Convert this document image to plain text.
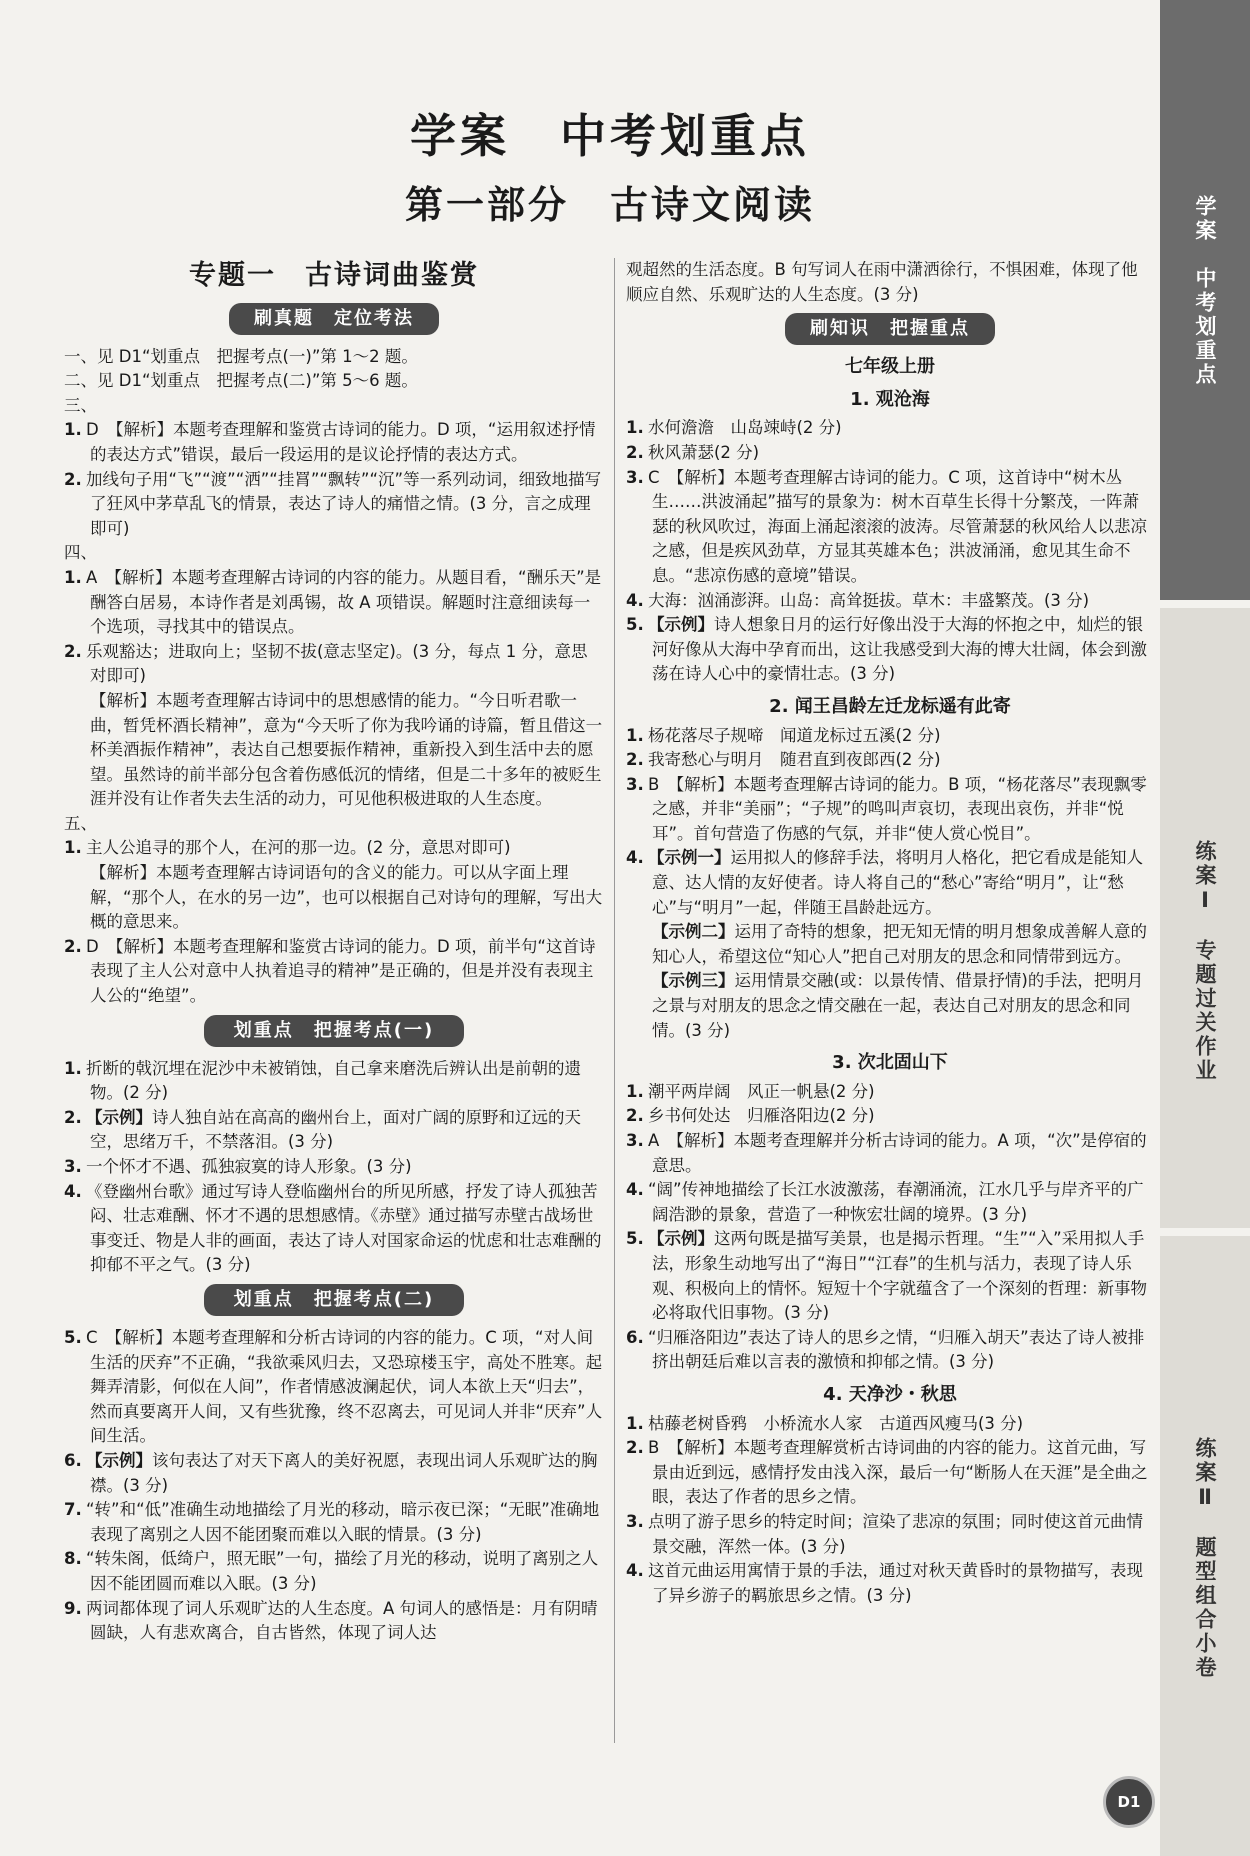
学案　中考划重点
第一部分　古诗文阅读
专题一　古诗词曲鉴赏
刷真题　定位考法

一、见 D1“划重点　把握考点(一)”第 1～2 题。

二、见 D1“划重点　把握考点(二)”第 5～6 题。

三、

1. D　 【解析】本题考查理解和鉴赏古诗词的能力。D 项，“运用叙述抒情的表达方式”错误，最后一段运用的是议论抒情的表达方式。

2. 加线句子用“飞”“渡”“洒”“挂罥”“飘转”“沉”等一系列动词，细致地描写了狂风中茅草乱飞的情景，表达了诗人的痛惜之情。(3 分，言之成理即可)

四、

1. A　 【解析】本题考查理解古诗词的内容的能力。从题目看，“酬乐天”是酬答白居易，本诗作者是刘禹锡，故 A 项错误。解题时注意细读每一个选项，寻找其中的错误点。

2. 乐观豁达；进取向上；坚韧不拔(意志坚定)。(3 分，每点 1 分，意思对即可)

【解析】本题考查理解古诗词中的思想感情的能力。“今日听君歌一曲，暂凭杯酒长精神”，意为“今天听了你为我吟诵的诗篇，暂且借这一杯美酒振作精神”，表达自己想要振作精神，重新投入到生活中去的愿望。虽然诗的前半部分包含着伤感低沉的情绪，但是二十多年的被贬生涯并没有让作者失去生活的动力，可见他积极进取的人生态度。

五、

1. 主人公追寻的那个人，在河的那一边。(2 分，意思对即可)

【解析】本题考查理解古诗词语句的含义的能力。可以从字面上理解，“那个人，在水的另一边”，也可以根据自己对诗句的理解，写出大概的意思来。

2. D　 【解析】本题考查理解和鉴赏古诗词的能力。D 项，前半句“这首诗表现了主人公对意中人执着追寻的精神”是正确的，但是并没有表现主人公的“绝望”。

划重点　把握考点(一)

1. 折断的戟沉埋在泥沙中未被销蚀，自己拿来磨洗后辨认出是前朝的遗物。(2 分)

2. 【示例】诗人独自站在高高的幽州台上，面对广阔的原野和辽远的天空，思绪万千，不禁落泪。(3 分)

3. 一个怀才不遇、孤独寂寞的诗人形象。(3 分)

4. 《登幽州台歌》通过写诗人登临幽州台的所见所感，抒发了诗人孤独苦闷、壮志难酬、怀才不遇的思想感情。《赤壁》通过描写赤壁古战场世事变迁、物是人非的画面，表达了诗人对国家命运的忧虑和壮志难酬的抑郁不平之气。(3 分)

划重点　把握考点(二)

5. C　 【解析】本题考查理解和分析古诗词的内容的能力。C 项，“对人间生活的厌弃”不正确，“我欲乘风归去，又恐琼楼玉宇，高处不胜寒。起舞弄清影，何似在人间”，作者情感波澜起伏，词人本欲上天“归去”，然而真要离开人间，又有些犹豫，终不忍离去，可见词人并非“厌弃”人间生活。

6. 【示例】该句表达了对天下离人的美好祝愿，表现出词人乐观旷达的胸襟。(3 分)

7. “转”和“低”准确生动地描绘了月光的移动，暗示夜已深；“无眠”准确地表现了离别之人因不能团聚而难以入眠的情景。(3 分)

8. “转朱阁，低绮户，照无眠”一句，描绘了月光的移动，说明了离别之人因不能团圆而难以入眠。(3 分)

9. 两词都体现了词人乐观旷达的人生态度。A 句词人的感悟是：月有阴晴圆缺，人有悲欢离合，自古皆然，体现了词人达

观超然的生活态度。B 句写词人在雨中潇洒徐行，不惧困难，体现了他顺应自然、乐观旷达的人生态度。(3 分)

刷知识　把握重点
七年级上册
1. 观沧海

1. 水何澹澹　山岛竦峙(2 分)

2. 秋风萧瑟(2 分)

3. C　 【解析】本题考查理解古诗词的能力。C 项，这首诗中“树木丛生……洪波涌起”描写的景象为：树木百草生长得十分繁茂，一阵萧瑟的秋风吹过，海面上涌起滚滚的波涛。尽管萧瑟的秋风给人以悲凉之感，但是疾风劲草，方显其英雄本色；洪波涌涌，愈见其生命不息。“悲凉伤感的意境”错误。

4. 大海：汹涌澎湃。山岛：高耸挺拔。草木：丰盛繁茂。(3 分)

5. 【示例】诗人想象日月的运行好像出没于大海的怀抱之中，灿烂的银河好像从大海中孕育而出，这让我感受到大海的博大壮阔，体会到激荡在诗人心中的豪情壮志。(3 分)

2. 闻王昌龄左迁龙标遥有此寄

1. 杨花落尽子规啼　闻道龙标过五溪(2 分)

2. 我寄愁心与明月　随君直到夜郎西(2 分)

3. B　 【解析】本题考查理解古诗词的能力。B 项，“杨花落尽”表现飘零之感，并非“美丽”；“子规”的鸣叫声哀切，表现出哀伤，并非“悦耳”。首句营造了伤感的气氛，并非“使人赏心悦目”。

4. 【示例一】运用拟人的修辞手法，将明月人格化，把它看成是能知人意、达人情的友好使者。诗人将自己的“愁心”寄给“明月”，让“愁心”与“明月”一起，伴随王昌龄赴远方。

【示例二】运用了奇特的想象，把无知无情的明月想象成善解人意的知心人，希望这位“知心人”把自己对朋友的思念和同情带到远方。

【示例三】运用情景交融(或：以景传情、借景抒情)的手法，把明月之景与对朋友的思念之情交融在一起，表达自己对朋友的思念和同情。(3 分)

3. 次北固山下

1. 潮平两岸阔　风正一帆悬(2 分)

2. 乡书何处达　归雁洛阳边(2 分)

3. A　 【解析】本题考查理解并分析古诗词的能力。A 项，“次”是停宿的意思。

4. “阔”传神地描绘了长江水波激荡，春潮涌流，江水几乎与岸齐平的广阔浩渺的景象，营造了一种恢宏壮阔的境界。(3 分)

5. 【示例】这两句既是描写美景，也是揭示哲理。“生”“入”采用拟人手法，形象生动地写出了“海日”“江春”的生机与活力，表现了诗人乐观、积极向上的情怀。短短十个字就蕴含了一个深刻的哲理：新事物必将取代旧事物。(3 分)

6. “归雁洛阳边”表达了诗人的思乡之情，“归雁入胡天”表达了诗人被排挤出朝廷后难以言表的激愤和抑郁之情。(3 分)

4. 天净沙・秋思

1. 枯藤老树昏鸦　小桥流水人家　古道西风瘦马(3 分)

2. B　 【解析】本题考查理解赏析古诗词曲的内容的能力。这首元曲，写景由近到远，感情抒发由浅入深，最后一句“断肠人在天涯”是全曲之眼，表达了作者的思乡之情。

3. 点明了游子思乡的特定时间；渲染了悲凉的氛围；同时使这首元曲情景交融，浑然一体。(3 分)

4. 这首元曲运用寓情于景的手法，通过对秋天黄昏时的景物描写，表现了异乡游子的羁旅思乡之情。(3 分)

D1
学案　中考划重点
练案Ⅰ　专题过关作业
练案Ⅱ　题型组合小卷
